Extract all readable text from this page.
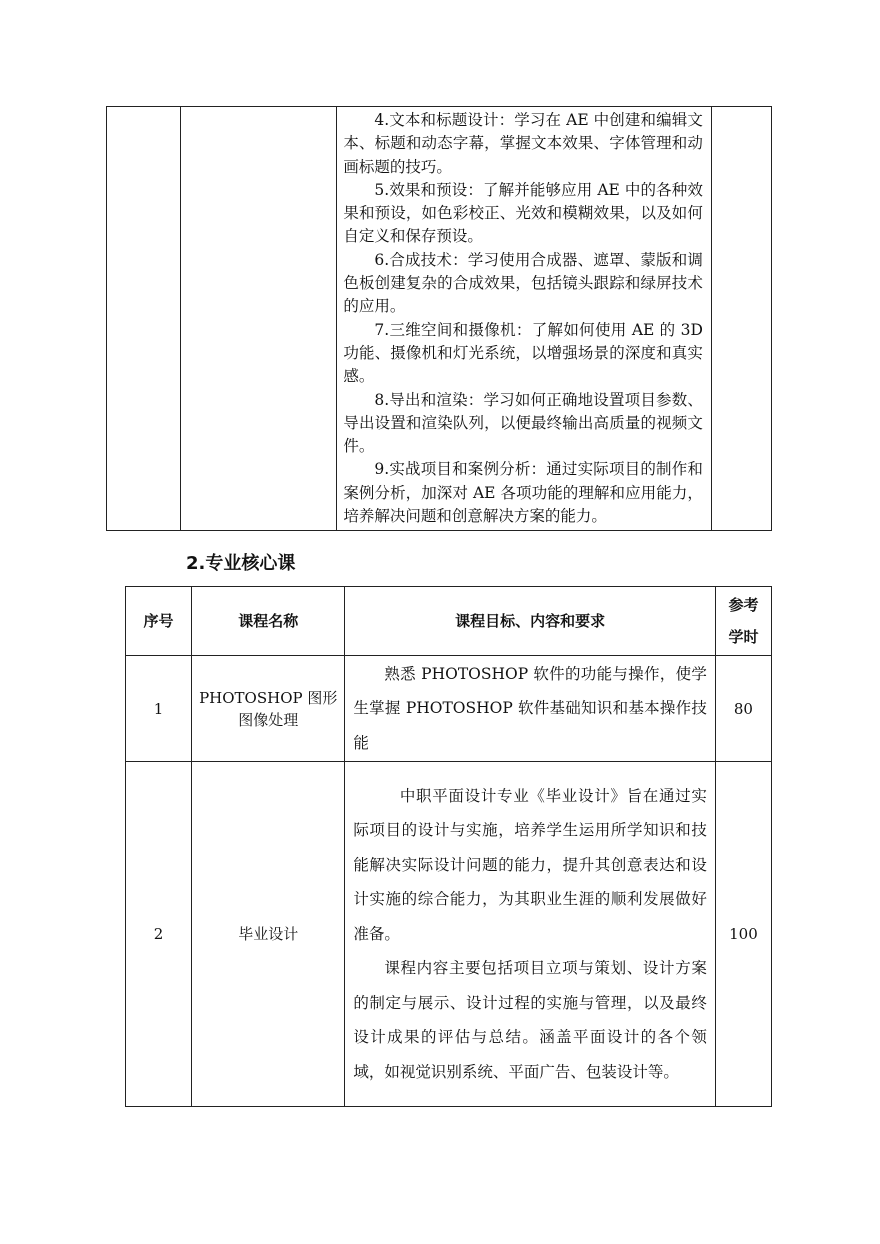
4.文本和标题设计：学习在 AE 中创建和编辑文本、标题和动态字幕，掌握文本效果、字体管理和动画标题的技巧。
5.效果和预设：了解并能够应用 AE 中的各种效果和预设，如色彩校正、光效和模糊效果，以及如何自定义和保存预设。
6.合成技术：学习使用合成器、遮罩、蒙版和调色板创建复杂的合成效果，包括镜头跟踪和绿屏技术的应用。
7.三维空间和摄像机：了解如何使用 AE 的 3D 功能、摄像机和灯光系统，以增强场景的深度和真实感。
8.导出和渲染：学习如何正确地设置项目参数、导出设置和渲染队列，以便最终输出高质量的视频文件。
9.实战项目和案例分析：通过实际项目的制作和案例分析，加深对 AE 各项功能的理解和应用能力，培养解决问题和创意解决方案的能力。

2.专业核心课
序号	课程名称	课程目标、内容和要求	参考学时
1	PHOTOSHOP 图形图像处理	熟悉 PHOTOSHOP 软件的功能与操作，使学生掌握 PHOTOSHOP 软件基础知识和基本操作技能	80
2	毕业设计	中职平面设计专业《毕业设计》旨在通过实际项目的设计与实施，培养学生运用所学知识和技能解决实际设计问题的能力，提升其创意表达和设计实施的综合能力，为其职业生涯的顺利发展做好准备。
课程内容主要包括项目立项与策划、设计方案的制定与展示、设计过程的实施与管理，以及最终设计成果的评估与总结。涵盖平面设计的各个领域，如视觉识别系统、平面广告、包装设计等。	100
